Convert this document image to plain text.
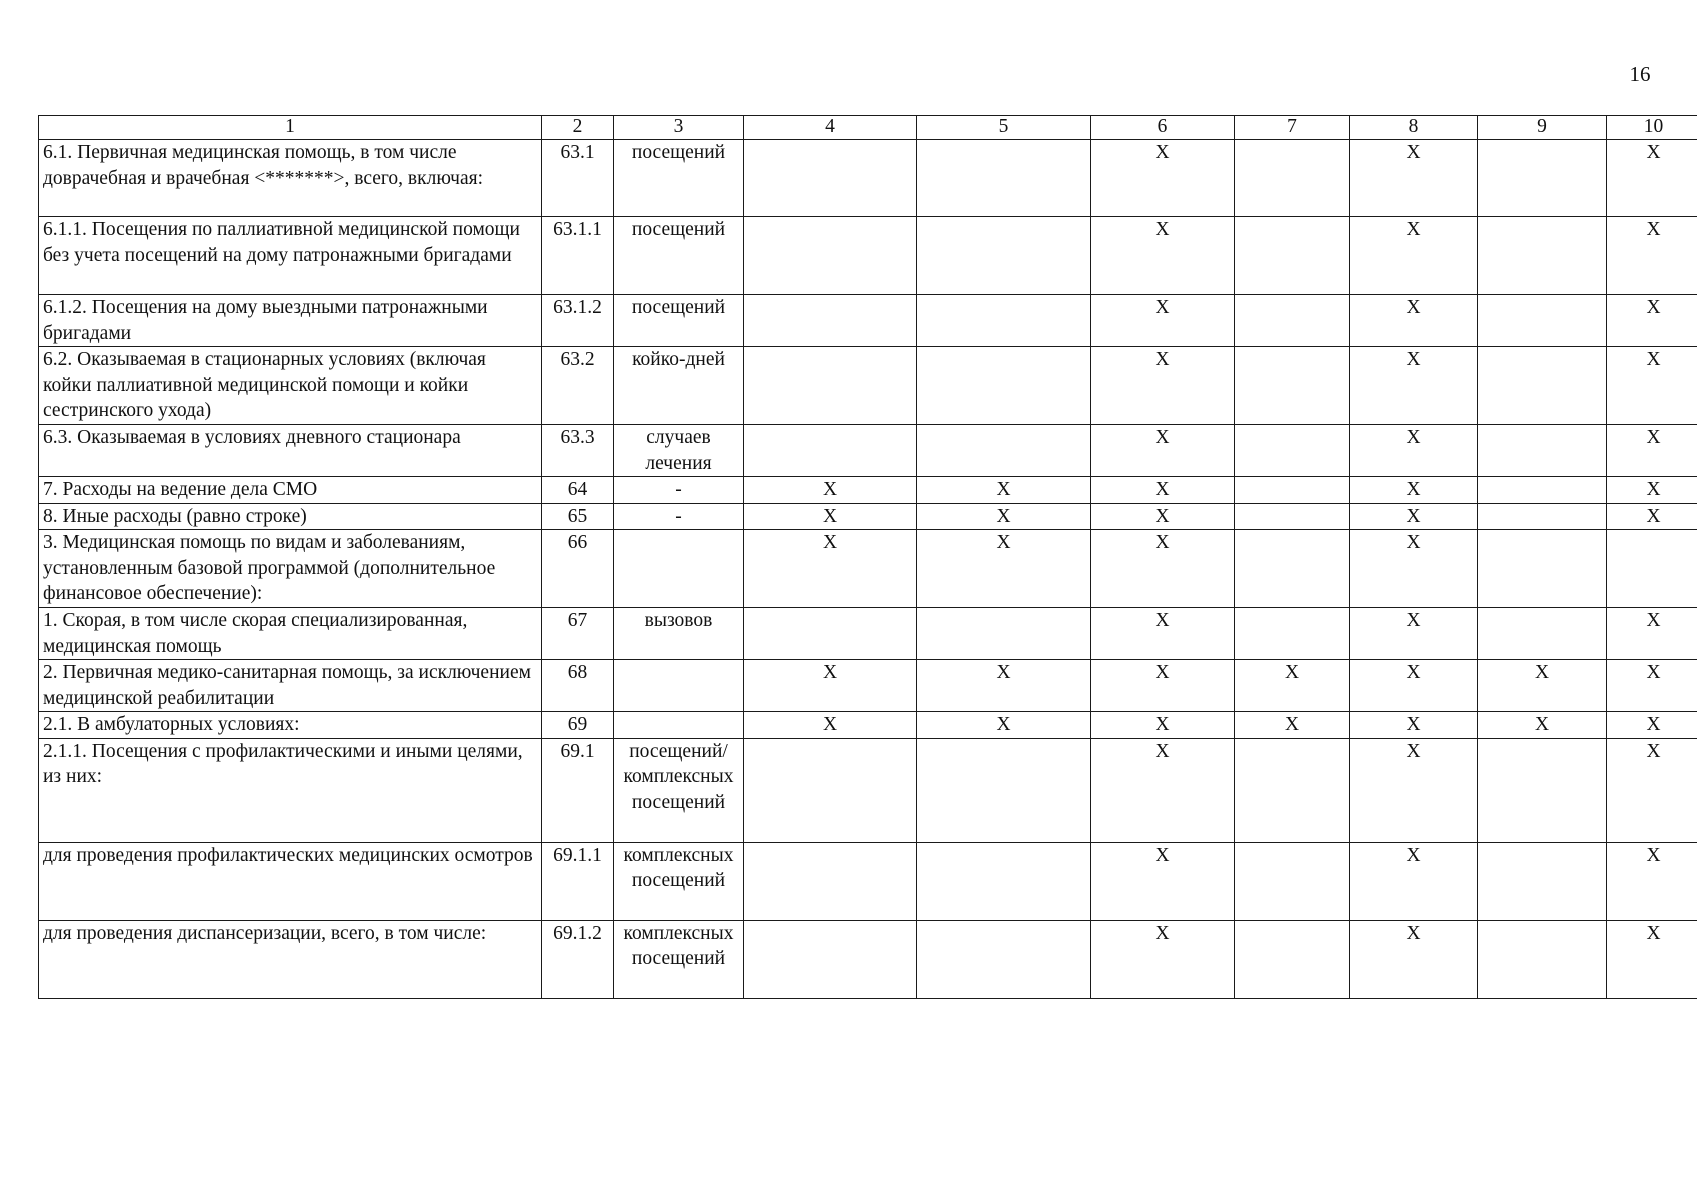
16
1	2	3	4	5	6	7	8	9	10
6.1. Первичная медицинская помощь, в том числе доврачебная и врачебная <*******>, всего, включая:	63.1	посещений			X		X		X
6.1.1. Посещения по паллиативной медицинской помощи без учета посещений на дому патронажными бригадами	63.1.1	посещений			X		X		X
6.1.2. Посещения на дому выездными патронажными бригадами	63.1.2	посещений			X		X		X
6.2. Оказываемая в стационарных условиях (включая койки паллиативной медицинской помощи и койки сестринского ухода)	63.2	койко-дней			X		X		X
6.3. Оказываемая в условиях дневного стационара	63.3	случаев лечения			X		X		X
7. Расходы на ведение дела СМО	64	-	X	X	X		X		X
8. Иные расходы (равно строке)	65	-	X	X	X		X		X
3. Медицинская помощь по видам и заболеваниям, установленным базовой программой (дополнительное финансовое обеспечение):	66		X	X	X		X		
1. Скорая, в том числе скорая специализированная, медицинская помощь	67	вызовов			X		X		X
2. Первичная медико-санитарная помощь, за исключением медицинской реабилитации	68		X	X	X	X	X	X	X
2.1. В амбулаторных условиях:	69		X	X	X	X	X	X	X
2.1.1. Посещения с профилактическими и иными целями, из них:	69.1	посещений/комплексных посещений			X		X		X
для проведения профилактических медицинских осмотров	69.1.1	комплексных посещений			X		X		X
для проведения диспансеризации, всего, в том числе:	69.1.2	комплексных посещений			X		X		X
